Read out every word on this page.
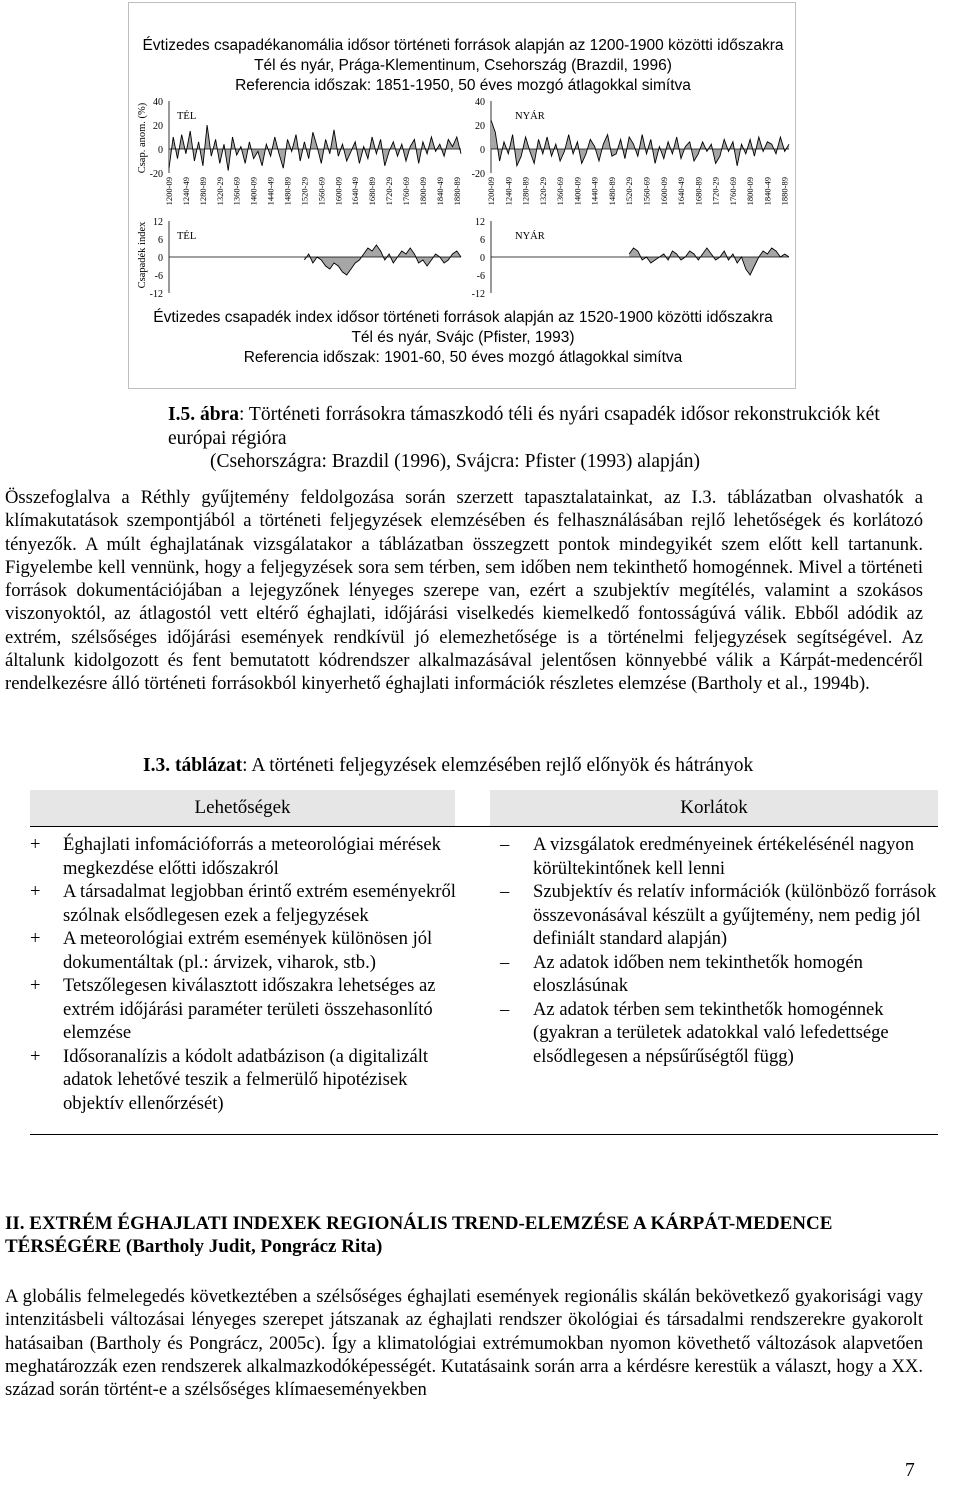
Évtizedes csapadékanomália idősor történeti források alapján az 1200-1900 közötti időszakra
Tél és nyár, Prága-Klementinum, Csehország (Brazdil, 1996)
Referencia időszak: 1851-1950, 50 éves mozgó átlagokkal simítva
40
20
0
-20
TÉL
1200-09 1240-49 1280-89 1320-29 1360-69 1400-09 1440-49 1480-89 1520-29 1560-69 1600-09 1640-49 1680-89 1720-29 1760-69 1800-09 1840-49 1880-89
40
20
0
-20
NYÁR
1200-09 1240-49 1280-89 1320-29 1360-69 1400-09 1440-49 1480-89 1520-29 1560-69 1600-09 1640-49 1680-89 1720-29 1760-69 1800-09 1840-49 1880-89
12
6
0
-6
-12
TÉL
12
6
0
-6
-12
NYÁR
Csap. anom. (%)
Csapadék index
Évtizedes csapadék index idősor történeti források alapján az 1520-1900 közötti időszakra
Tél és nyár, Svájc (Pfister, 1993)
Referencia időszak: 1901-60, 50 éves mozgó átlagokkal simítva
I.5. ábra: Történeti forrásokra támaszkodó téli és nyári csapadék idősor rekonstrukciók két európai régióra
(Csehországra: Brazdil (1996), Svájcra: Pfister (1993) alapján)

Összefoglalva a Réthly gyűjtemény feldolgozása során szerzett tapasztalatainkat, az I.3. táblázatban olvashatók a klímakutatások szempontjából a történeti feljegyzések elemzésében és felhasználásában rejlő lehetőségek és korlátozó tényezők. A múlt éghajlatának vizsgálatakor a táblázatban összegzett pontok mindegyikét szem előtt kell tartanunk. Figyelembe kell vennünk, hogy a feljegyzések sora sem térben, sem időben nem tekinthető homogénnek. Mivel a történeti források dokumentációjában a lejegyzőnek lényeges szerepe van, ezért a szubjektív megítélés, valamint a szokásos viszonyoktól, az átlagostól vett eltérő éghajlati, időjárási viselkedés kiemelkedő fontosságúvá válik. Ebből adódik az extrém, szélsőséges időjárási események rendkívül jó elemezhetősége is a történelmi feljegyzések segítségével. Az általunk kidolgozott és fent bemutatott kódrendszer alkalmazásával jelentősen könnyebbé válik a Kárpát-medencéről rendelkezésre álló történeti forrásokból kinyerhető éghajlati információk részletes elemzése (Bartholy et al., 1994b).

I.3. táblázat: A történeti feljegyzések elemzésében rejlő előnyök és hátrányok
Lehetőségek	Korlátok
+ Éghajlati infomációforrás a meteorológiai mérések megkezdése előtti időszakról
+ A társadalmat legjobban érintő extrém eseményekről szólnak elsődlegesen ezek a feljegyzések
+ A meteorológiai extrém események különösen jól dokumentáltak (pl.: árvizek, viharok, stb.)
+ Tetszőlegesen kiválasztott időszakra lehetséges az extrém időjárási paraméter területi összehasonlító elemzése
+ Idősoranalízis a kódolt adatbázison (a digitalizált adatok lehetővé teszik a felmerülő hipotézisek objektív ellenőrzését)
– A vizsgálatok eredményeinek értékelésénél nagyon körültekintőnek kell lenni
– Szubjektív és relatív információk (különböző források összevonásával készült a gyűjtemény, nem pedig jól definiált standard alapján)
– Az adatok időben nem tekinthetők homogén eloszlásúnak
– Az adatok térben sem tekinthetők homogénnek (gyakran a területek adatokkal való lefedettsége elsődlegesen a népsűrűségtől függ)
II. EXTRÉM ÉGHAJLATI INDEXEK REGIONÁLIS TREND-ELEMZÉSE A KÁRPÁT-MEDENCE TÉRSÉGÉRE (Bartholy Judit, Pongrácz Rita)

A globális felmelegedés következtében a szélsőséges éghajlati események regionális skálán bekövetkező gyakorisági vagy intenzitásbeli változásai lényeges szerepet játszanak az éghajlati rendszer ökológiai és társadalmi rendszerekre gyakorolt hatásaiban (Bartholy és Pongrácz, 2005c). Így a klimatológiai extrémumokban nyomon követhető változások alapvetően meghatározzák ezen rendszerek alkalmazkodóképességét. Kutatásaink során arra a kérdésre kerestük a választ, hogy a XX. század során történt-e a szélsőséges klímaeseményekben

7
